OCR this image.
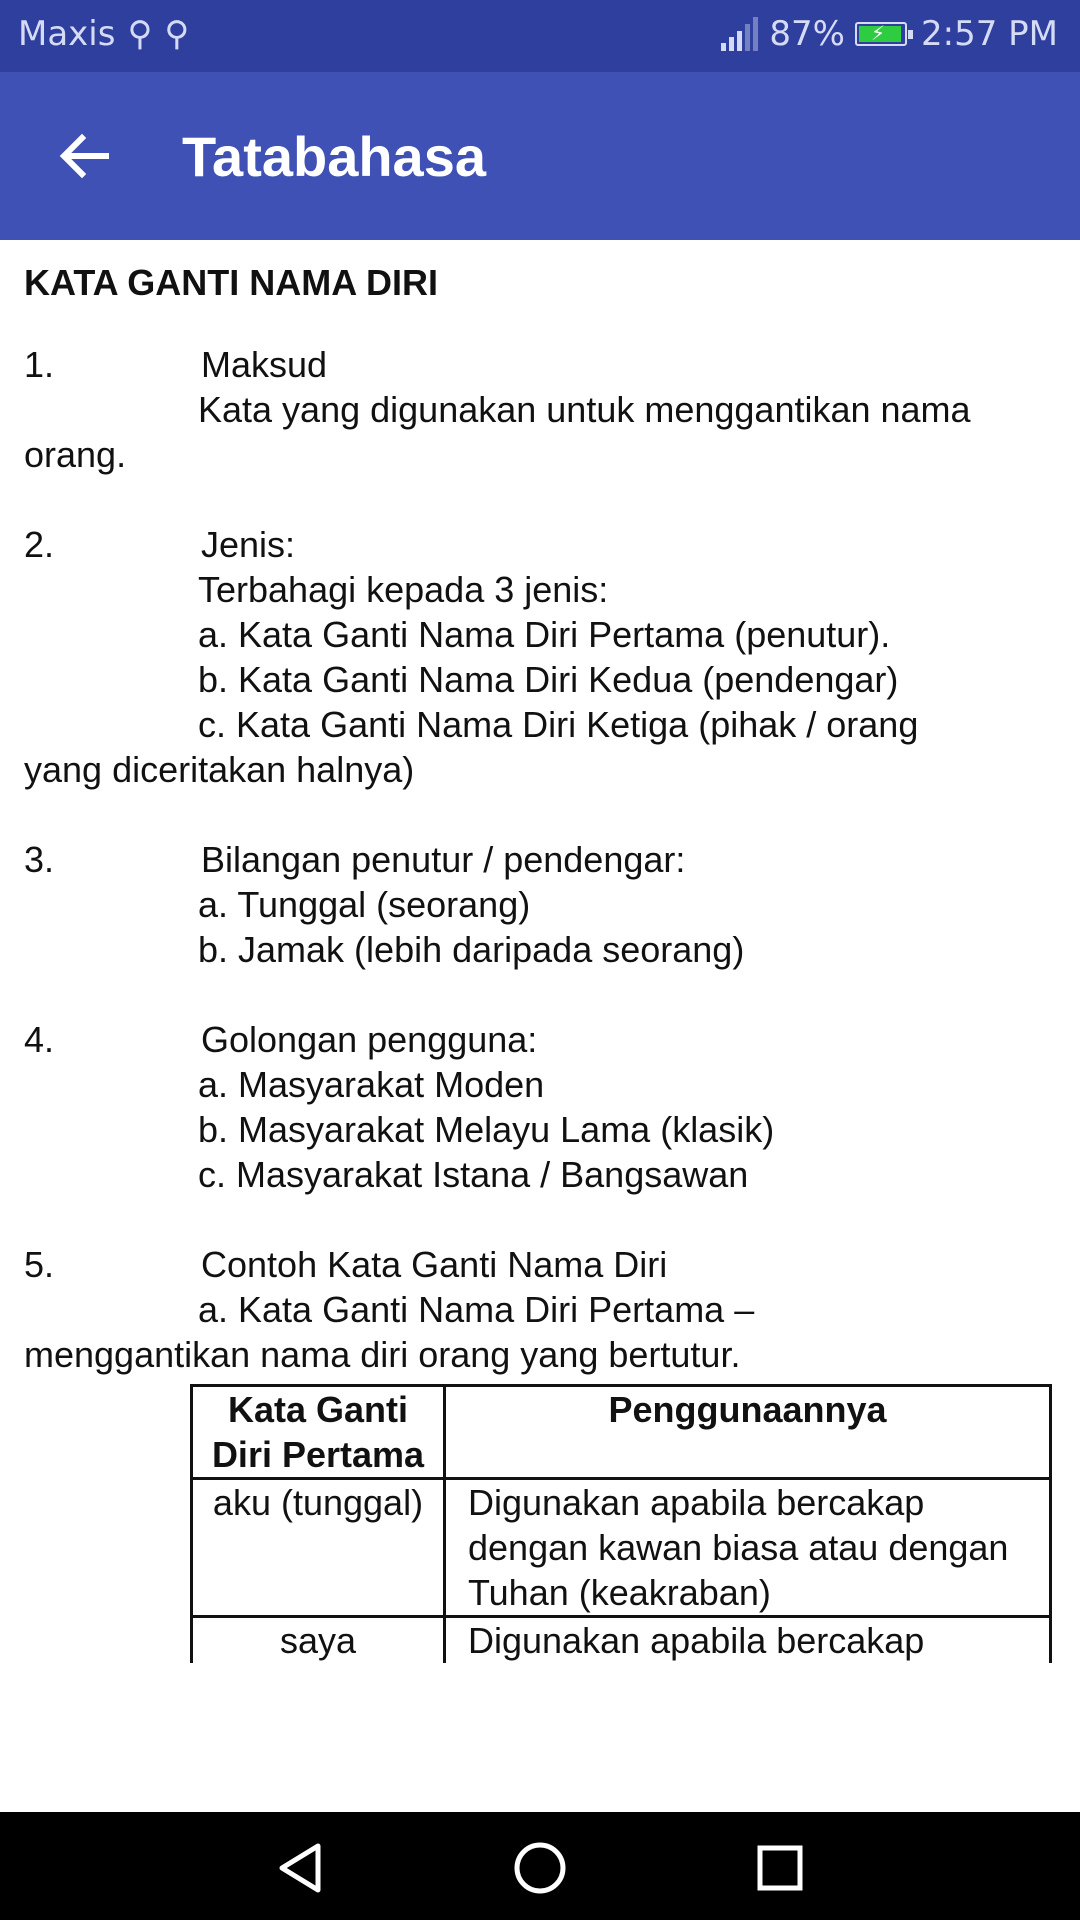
Maxis ⚲ ⚲	87% ⚡ 2:57 PM
Tatabahasa
KATA GANTI NAMA DIRI
1.	Maksud
Kata yang digunakan untuk menggantikan nama
orang.
2.	Jenis:
Terbahagi kepada 3 jenis:
a. Kata Ganti Nama Diri Pertama (penutur).
b. Kata Ganti Nama Diri Kedua (pendengar)
c. Kata Ganti Nama Diri Ketiga (pihak / orang
yang diceritakan halnya)
3.	Bilangan penutur / pendengar:
a. Tunggal (seorang)
b. Jamak (lebih daripada seorang)
4.	Golongan pengguna:
a. Masyarakat Moden
b. Masyarakat Melayu Lama (klasik)
c. Masyarakat Istana / Bangsawan
5.	Contoh Kata Ganti Nama Diri
a. Kata Ganti Nama Diri Pertama –
menggantikan nama diri orang yang bertutur.
Kata Ganti Diri Pertama	Penggunaannya
aku (tunggal)	Digunakan apabila bercakap dengan kawan biasa atau dengan Tuhan (keakraban)
saya	Digunakan apabila bercakap
